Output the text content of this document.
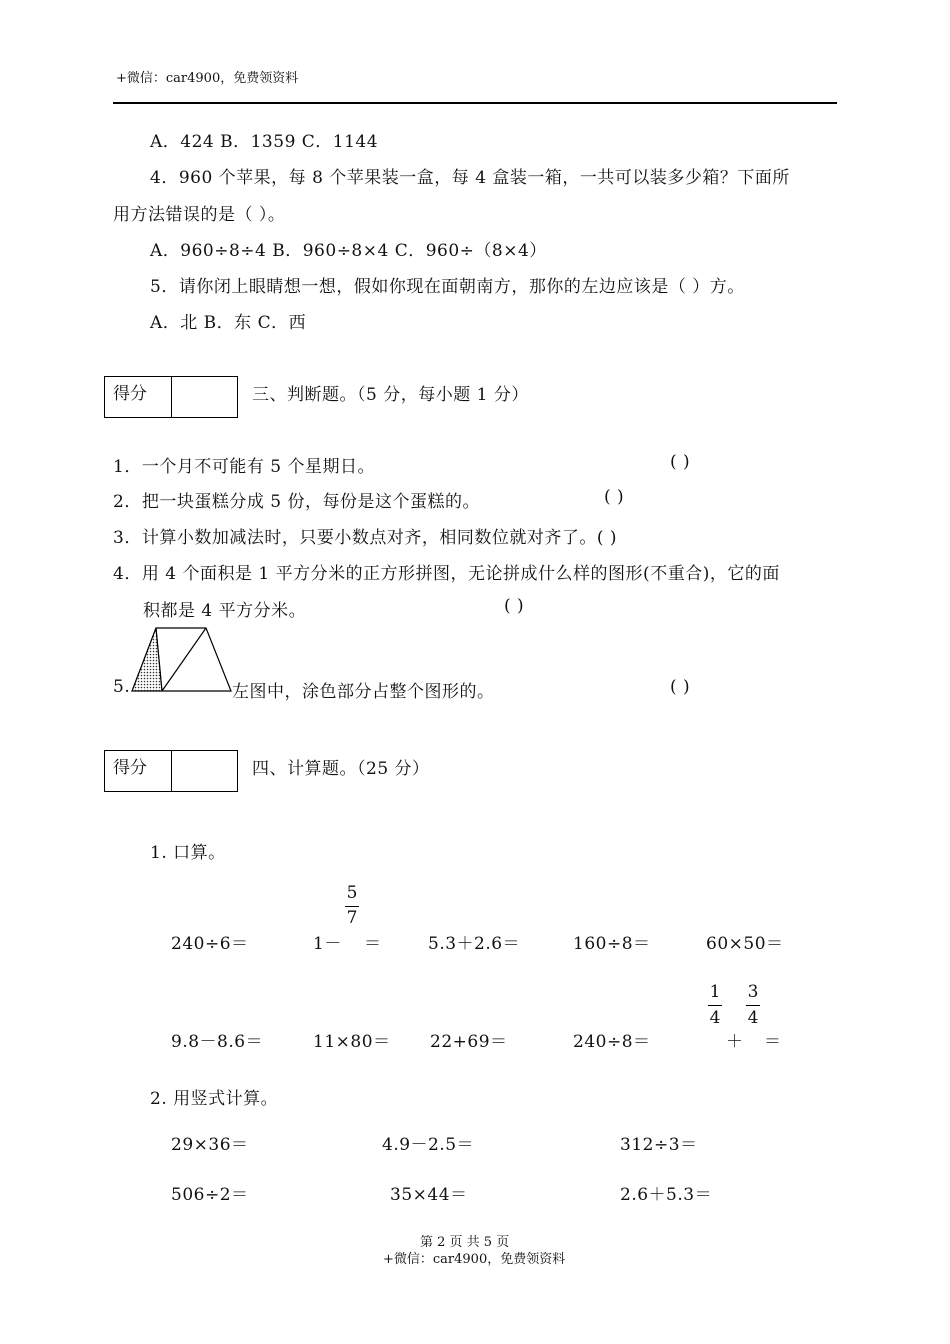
+微信：car4900，免费领资料
A．424 B．1359 C．1144
4．960 个苹果，每 8 个苹果装一盒，每 4 盒装一箱，一共可以装多少箱？下面所
用方法错误的是（ ）。
A．960÷8÷4 B．960÷8×4 C．960÷（8×4）
5．请你闭上眼睛想一想，假如你现在面朝南方，那你的左边应该是（ ）方。
A．北 B．东 C．西
得分	三、判断题。（5 分，每小题 1 分）
1．一个月不可能有 5 个星期日。	( )
2．把一块蛋糕分成 5 份，每份是这个蛋糕的。	( )
3．计算小数加减法时，只要小数点对齐，相同数位就对齐了。( )
4．用 4 个面积是 1 平方分米的正方形拼图，无论拼成什么样的图形(不重合)，它的面
积都是 4 平方分米。	( )
5.	左图中，涂色部分占整个图形的。	( )
得分	四、计算题。（25 分）
1. 口算。
240÷6＝	1－
5
7
＝	5.3＋2.6＝	160÷8＝	60×50＝
9.8－8.6＝	11×80＝ 22+69＝	240÷8＝
1
4
＋
3
4
＝
2. 用竖式计算。
29×36＝	4.9－2.5＝	312÷3＝
506÷2＝	35×44＝	2.6＋5.3＝
第 2 页 共 5 页
+微信：car4900，免费领资料
